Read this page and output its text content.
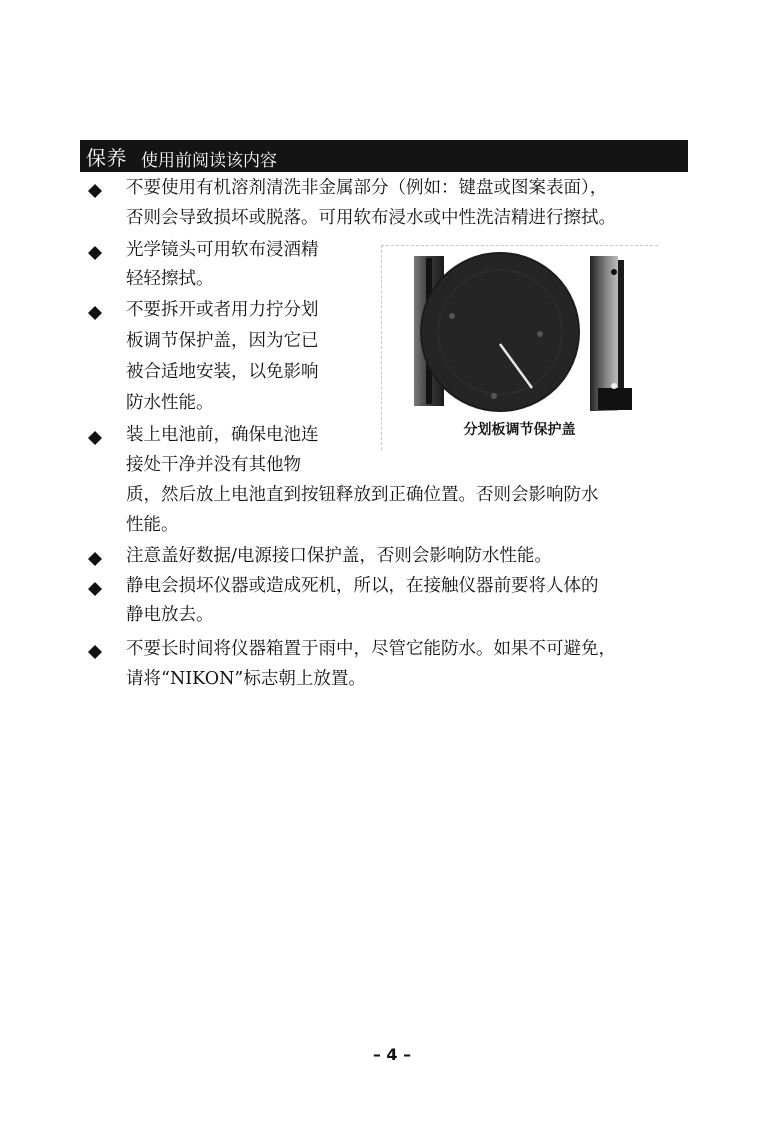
保养 使用前阅读该内容
不要使用有机溶剂清洗非金属部分（例如：键盘或图案表面），
否则会导致损坏或脱落。可用软布浸水或中性洗洁精进行擦拭。
光学镜头可用软布浸酒精
轻轻擦拭。
不要拆开或者用力拧分划
板调节保护盖，因为它已
被合适地安装，以免影响
防水性能。
装上电池前，确保电池连
接处干净并没有其他物
质，然后放上电池直到按钮释放到正确位置。否则会影响防水
性能。
注意盖好数据/电源接口保护盖，否则会影响防水性能。
静电会损坏仪器或造成死机，所以，在接触仪器前要将人体的
静电放去。
不要长时间将仪器箱置于雨中，尽管它能防水。如果不可避免，
请将“NIKON”标志朝上放置。
分划板调节保护盖
– 4 –
